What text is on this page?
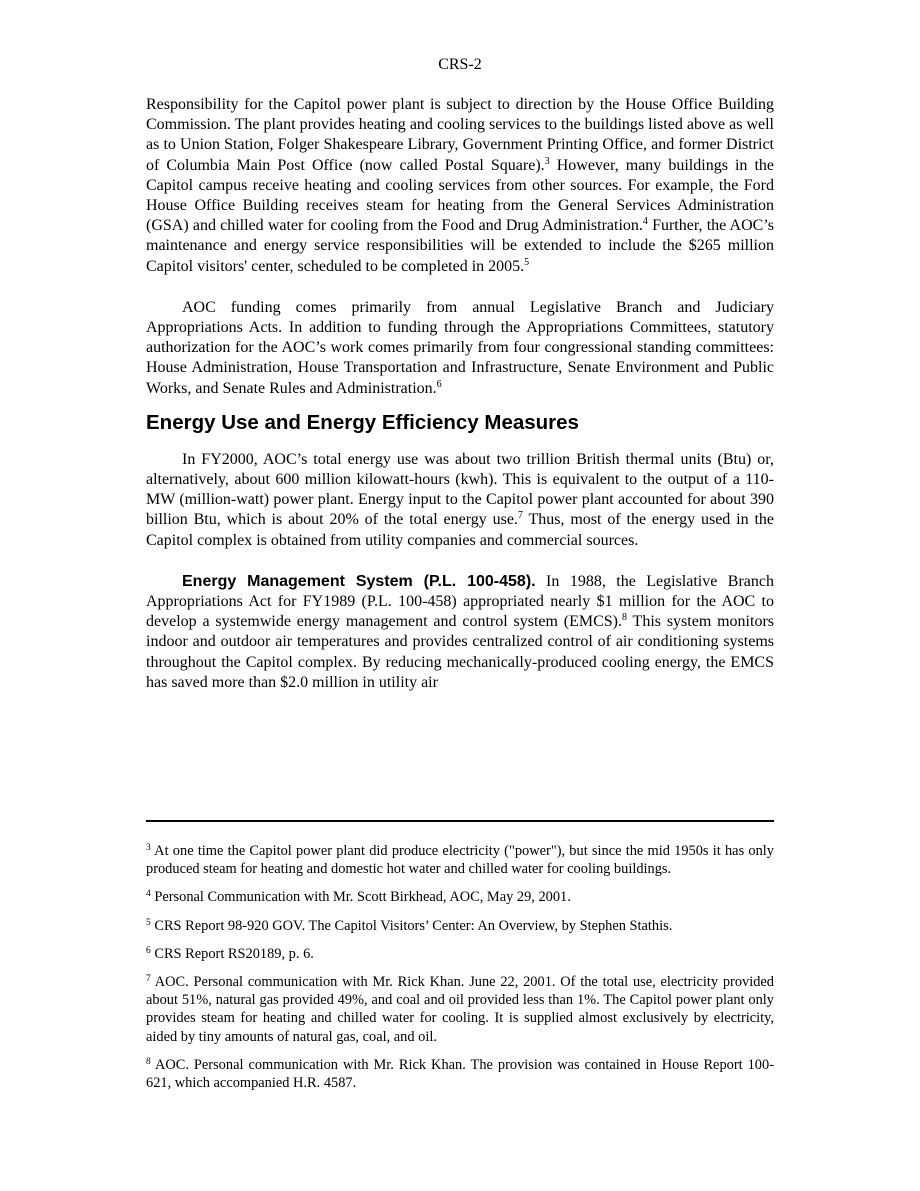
CRS-2

Responsibility for the Capitol power plant is subject to direction by the House Office Building Commission. The plant provides heating and cooling services to the buildings listed above as well as to Union Station, Folger Shakespeare Library, Government Printing Office, and former District of Columbia Main Post Office (now called Postal Square).$^3$ However, many buildings in the Capitol campus receive heating and cooling services from other sources. For example, the Ford House Office Building receives steam for heating from the General Services Administration (GSA) and chilled water for cooling from the Food and Drug Administration.$^4$ Further, the AOC’s maintenance and energy service responsibilities will be extended to include the $265 million Capitol visitors' center, scheduled to be completed in 2005.$^5$

AOC funding comes primarily from annual Legislative Branch and Judiciary Appropriations Acts. In addition to funding through the Appropriations Committees, statutory authorization for the AOC’s work comes primarily from four congressional standing committees: House Administration, House Transportation and Infrastructure, Senate Environment and Public Works, and Senate Rules and Administration.$^6$

Energy Use and Energy Efficiency Measures

In FY2000, AOC’s total energy use was about two trillion British thermal units (Btu) or, alternatively, about 600 million kilowatt-hours (kwh). This is equivalent to the output of a 110-MW (million-watt) power plant. Energy input to the Capitol power plant accounted for about 390 billion Btu, which is about 20% of the total energy use.$^7$ Thus, most of the energy used in the Capitol complex is obtained from utility companies and commercial sources.

Energy Management System (P.L. 100-458). In 1988, the Legislative Branch Appropriations Act for FY1989 (P.L. 100-458) appropriated nearly $1 million for the AOC to develop a systemwide energy management and control system (EMCS).$^8$ This system monitors indoor and outdoor air temperatures and provides centralized control of air conditioning systems throughout the Capitol complex. By reducing mechanically-produced cooling energy, the EMCS has saved more than $2.0 million in utility air

$^3$ At one time the Capitol power plant did produce electricity ("power"), but since the mid 1950s it has only produced steam for heating and domestic hot water and chilled water for cooling buildings.

$^4$ Personal Communication with Mr. Scott Birkhead, AOC, May 29, 2001.

$^5$ CRS Report 98-920 GOV. The Capitol Visitors’ Center: An Overview, by Stephen Stathis.

$^6$ CRS Report RS20189, p. 6.

$^7$ AOC. Personal communication with Mr. Rick Khan. June 22, 2001. Of the total use, electricity provided about 51%, natural gas provided 49%, and coal and oil provided less than 1%. The Capitol power plant only provides steam for heating and chilled water for cooling. It is supplied almost exclusively by electricity, aided by tiny amounts of natural gas, coal, and oil.

$^8$ AOC. Personal communication with Mr. Rick Khan. The provision was contained in House Report 100-621, which accompanied H.R. 4587.
